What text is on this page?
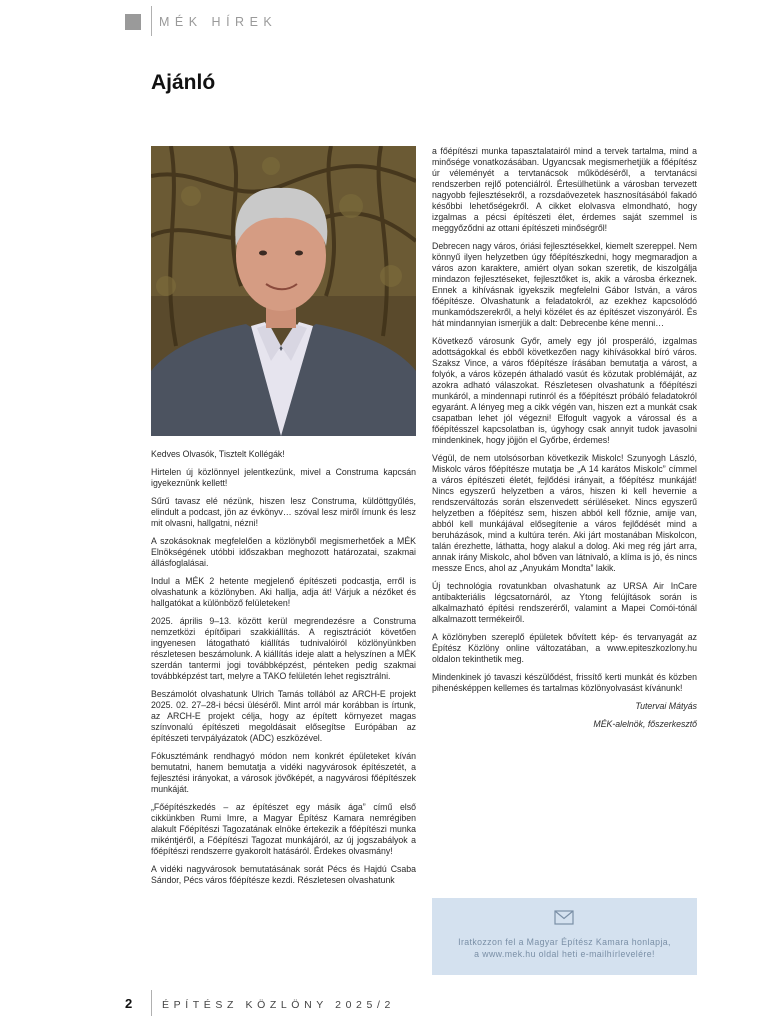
MÉK HÍREK
Ajánló

Kedves Olvasók, Tisztelt Kollégák!

Hirtelen új közlönnyel jelentkezünk, mivel a Construma kapcsán igyekeznünk kellett!

Sűrű tavasz elé nézünk, hiszen lesz Construma, küldöttgyűlés, elindult a podcast, jön az évkönyv… szóval lesz miről írnunk és lesz mit olvasni, hallgatni, nézni!

A szokásoknak megfelelően a közlönyből megismerhetőek a MÉK Elnökségének utóbbi időszakban meghozott határozatai, szakmai állásfoglalásai.

Indul a MÉK 2 hetente megjelenő építészeti podcastja, erről is olvashatunk a közlönyben. Aki hallja, adja át! Várjuk a nézőket és hallgatókat a különböző felületeken!

2025. április 9–13. között kerül megrendezésre a Construma nemzetközi építőipari szakkiállítás. A regisztrációt követően ingyenesen látogatható kiállítás tudnivalóiról közlönyünkben részletesen beszámolunk. A kiállítás ideje alatt a helyszínen a MÉK szerdán tantermi jogi továbbképzést, pénteken pedig szakmai továbbképzést tart, melyre a TAKO felületén lehet regisztrálni.

Beszámolót olvashatunk Ulrich Tamás tollából az ARCH-E projekt 2025. 02. 27–28-i bécsi üléséről. Mint arról már korábban is írtunk, az ARCH-E projekt célja, hogy az épített környezet magas színvonalú építészeti megoldásait elősegítse Európában az építészeti tervpályázatok (ADC) eszközével.

Fókusztémánk rendhagyó módon nem konkrét épületeket kíván bemutatni, hanem bemutatja a vidéki nagyvárosok építészetét, a fejlesztési irányokat, a városok jövőképét, a nagyvárosi főépítészek munkáját.

„Főépítészkedés – az építészet egy másik ága” című első cikkünkben Rumi Imre, a Magyar Építész Kamara nemrégiben alakult Főépítészi Tagozatának elnöke értekezik a főépítészi munka mikéntjéről, a Főépítészi Tagozat munkájáról, az új jogszabályok a főépítészi rendszerre gyakorolt hatásáról. Érdekes olvasmány!

A vidéki nagyvárosok bemutatásának sorát Pécs és Hajdú Csaba Sándor, Pécs város főépítésze kezdi. Részletesen olvashatunk

a főépítészi munka tapasztalatairól mind a tervek tartalma, mind a minősége vonatkozásában. Ugyancsak megismerhetjük a főépítész úr véleményét a tervtanácsok működéséről, a tervtanácsi rendszerben rejlő potenciálról. Értesülhetünk a városban tervezett nagyobb fejlesztésekről, a rozsdaövezetek hasznosításából fakadó későbbi lehetőségekről. A cikket elolvasva elmondható, hogy izgalmas a pécsi építészeti élet, érdemes saját szemmel is meggyőződni az ottani építészeti minőségről!

Debrecen nagy város, óriási fejlesztésekkel, kiemelt szereppel. Nem könnyű ilyen helyzetben úgy főépítészkedni, hogy megmaradjon a város azon karaktere, amiért olyan sokan szeretik, de kiszolgálja mindazon fejlesztéseket, fejlesztőket is, akik a városba érkeznek. Ennek a kihívásnak igyekszik megfelelni Gábor István, a város főépítésze. Olvashatunk a feladatokról, az ezekhez kapcsolódó munkamódszerekről, a helyi közélet és az építészet viszonyáról. És hát mindannyian ismerjük a dalt: Debrecenbe kéne menni…

Következő városunk Győr, amely egy jól prosperáló, izgalmas adottságokkal és ebből következően nagy kihívásokkal bíró város. Szaksz Vince, a város főépítésze írásában bemutatja a várost, a folyók, a város közepén áthaladó vasút és közutak problémáját, az azokra adható válaszokat. Részletesen olvashatunk a főépítészi munkáról, a mindennapi rutinról és a főépítészt próbáló feladatokról egyaránt. A lényeg meg a cikk végén van, hiszen ezt a munkát csak csapatban lehet jól végezni! Elfogult vagyok a várossal és a főépítésszel kapcsolatban is, úgyhogy csak annyit tudok javasolni mindenkinek, hogy jöjjön el Győrbe, érdemes!

Végül, de nem utolsósorban következik Miskolc! Szunyogh László, Miskolc város főépítésze mutatja be „A 14 karátos Miskolc” címmel a város építészeti életét, fejlődési irányait, a főépítész munkáját! Nincs egyszerű helyzetben a város, hiszen ki kell hevernie a rendszerváltozás során elszenvedett sérüléseket. Nincs egyszerű helyzetben a főépítész sem, hiszen abból kell főznie, amije van, abból kell munkájával elősegítenie a város fejlődését mind a beruházások, mind a kultúra terén. Aki járt mostanában Miskolcon, talán érezhette, láthatta, hogy alakul a dolog. Aki meg rég járt arra, annak irány Miskolc, ahol bőven van látnivaló, a klíma is jó, és nincs messze Encs, ahol az „Anyukám Mondta” lakik.

Új technológia rovatunkban olvashatunk az URSA Air InCare antibakteriális légcsatornáról, az Ytong felújítások során is alkalmazható építési rendszeréről, valamint a Mapei Comói-tónál alkalmazott termékeiről.

A közlönyben szereplő épületek bővített kép- és tervanyagát az Építész Közlöny online változatában, a www.epiteszkozlony.hu oldalon tekinthetik meg.

Mindenkinek jó tavaszi készülődést, frissítő kerti munkát és közben pihenésképpen kellemes és tartalmas közlönyolvasást kívánunk!

Tutervai Mátyás

MÉK-alelnök, főszerkesztő

Iratkozzon fel a Magyar Építész Kamara honlapja,
a www.mek.hu oldal heti e-mailhírlevelére!
2	ÉPÍTÉSZ KÖZLÖNY 2025/2
